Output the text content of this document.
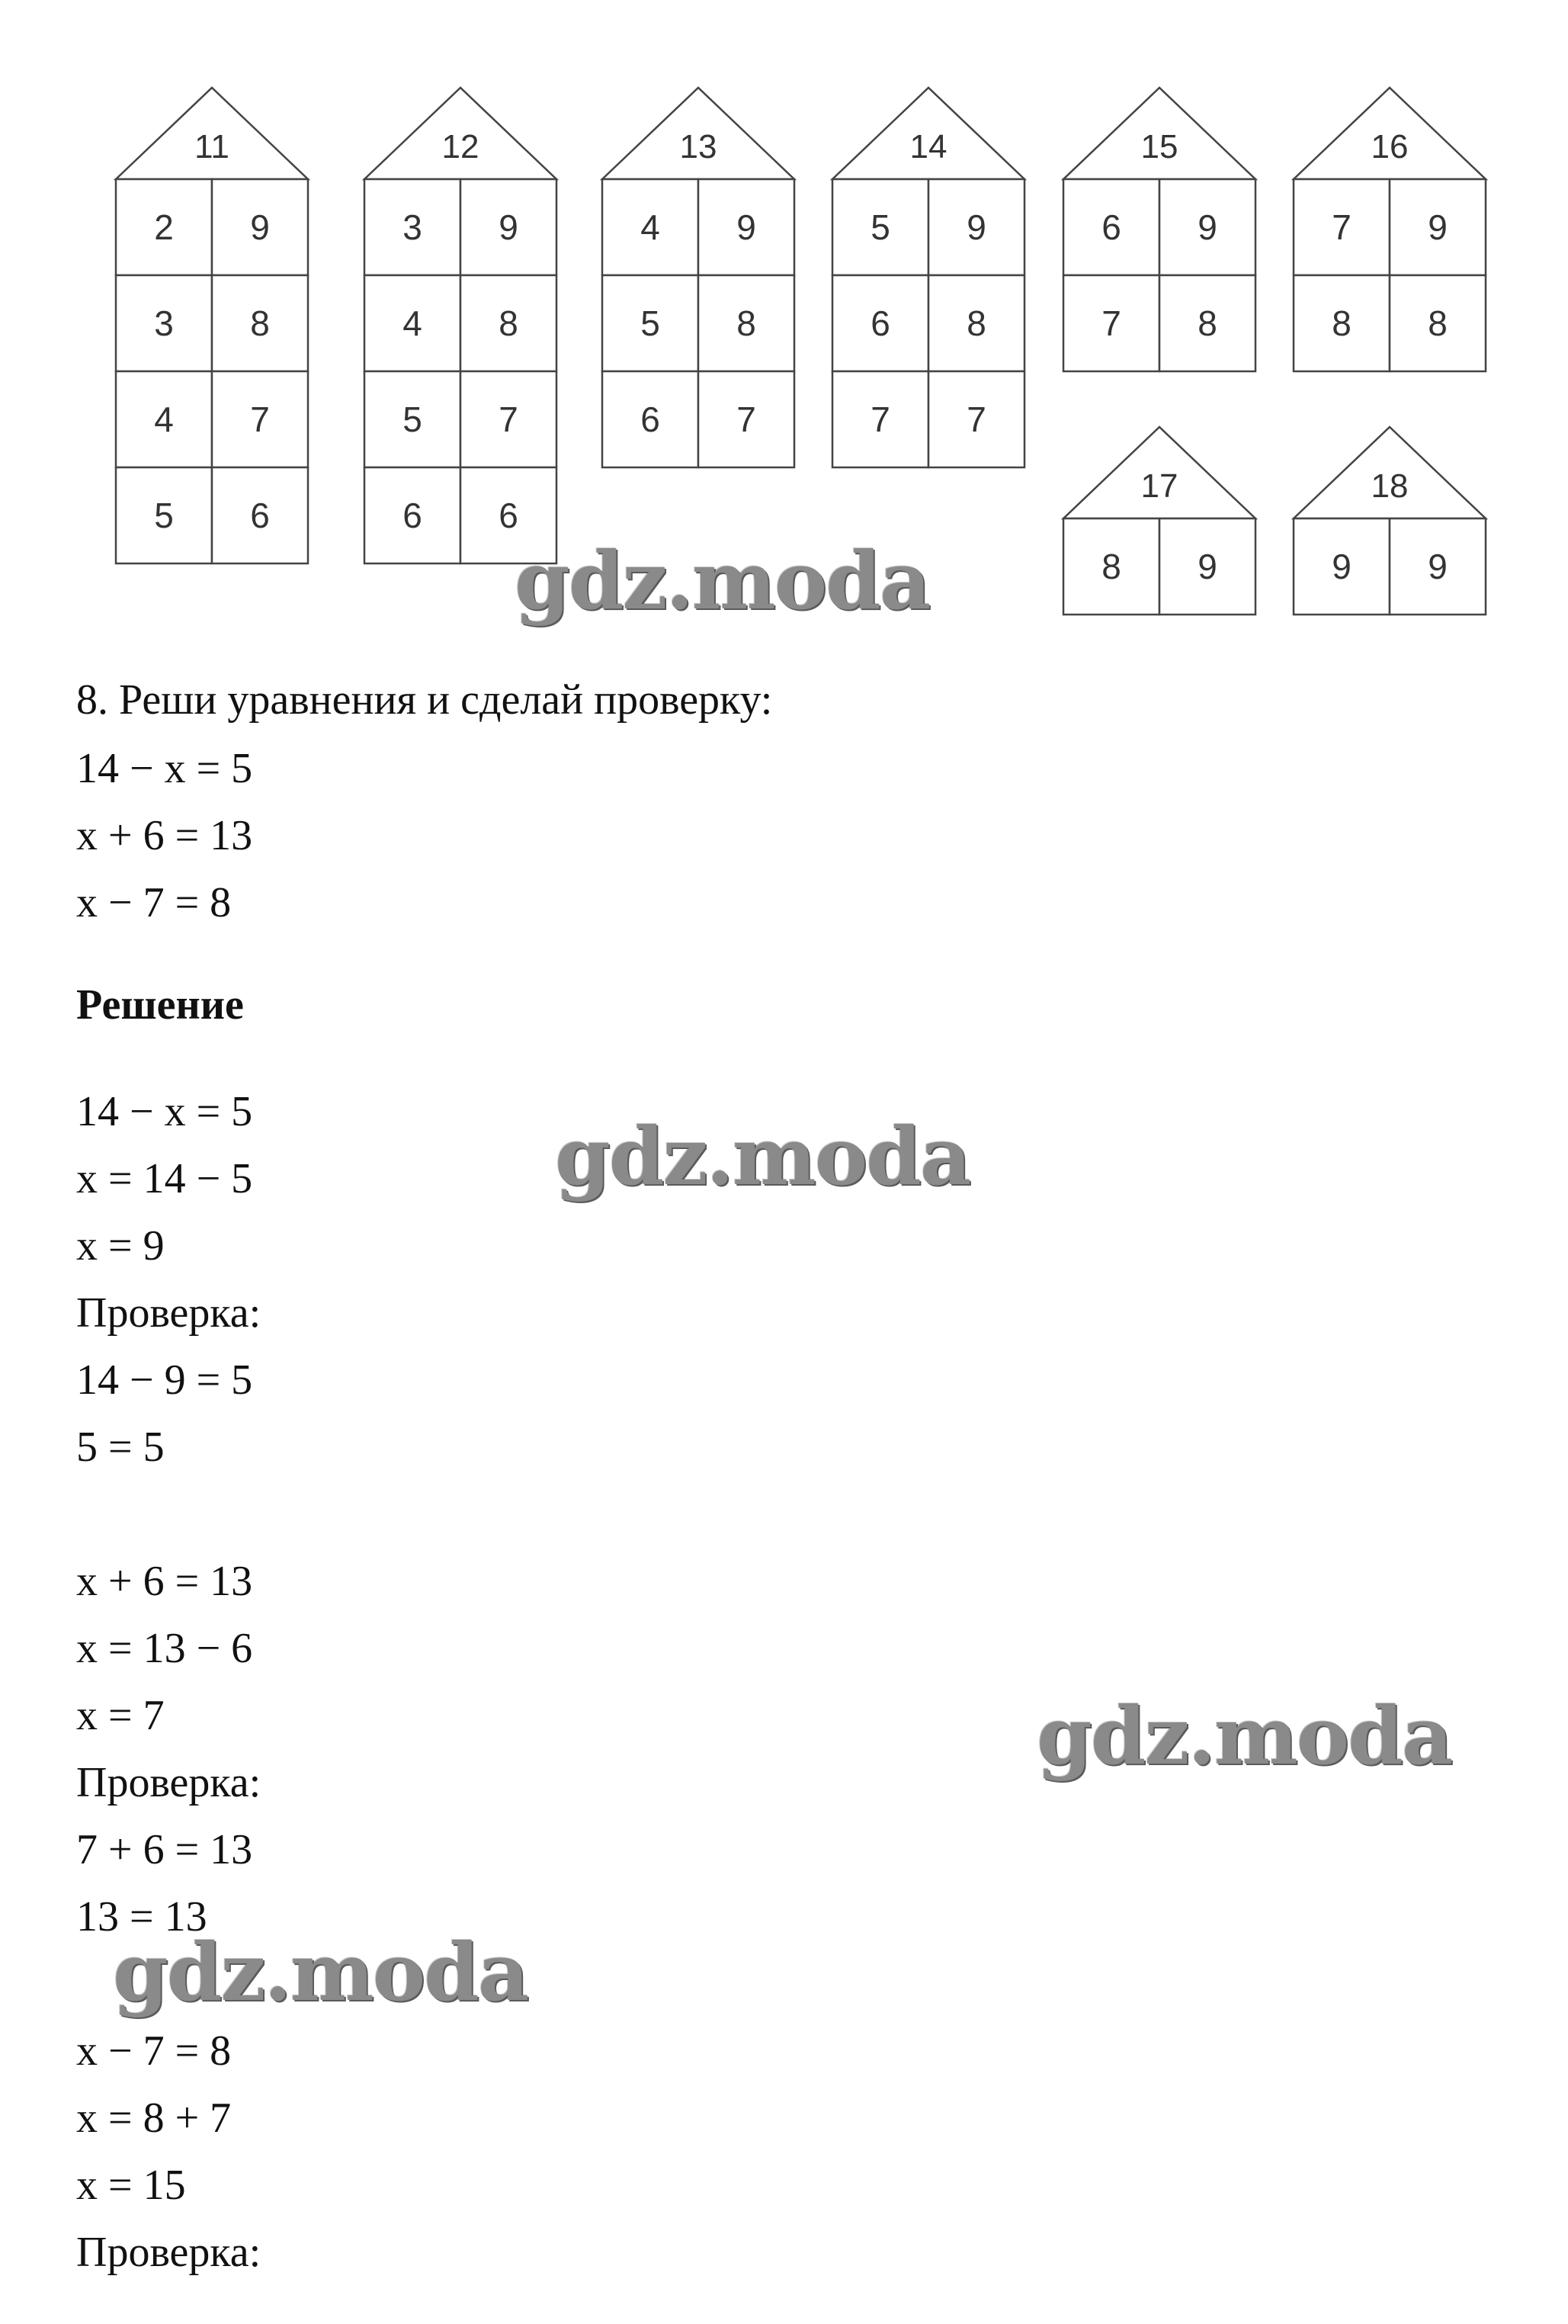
11
2 9
3 8
4 7
5 6
12
3 9
4 8
5 7
6 6
13
4 9
5 8
6 7
14
5 9
6 8
7 7
15
6 9
7 8
16
7 9
8 8
17
8 9
18
9 9
8. Реши уравнения и сделай проверку:
14 − x = 5
x + 6 = 13
x − 7 = 8
Решение
14 − x = 5
x = 14 − 5
x = 9
Проверка:
14 − 9 = 5
5 = 5
x + 6 = 13
x = 13 − 6
x = 7
Проверка:
7 + 6 = 13
13 = 13
x − 7 = 8
x = 8 + 7
x = 15
Проверка:
gdz.moda
gdz.moda
gdz.moda
gdz.moda
